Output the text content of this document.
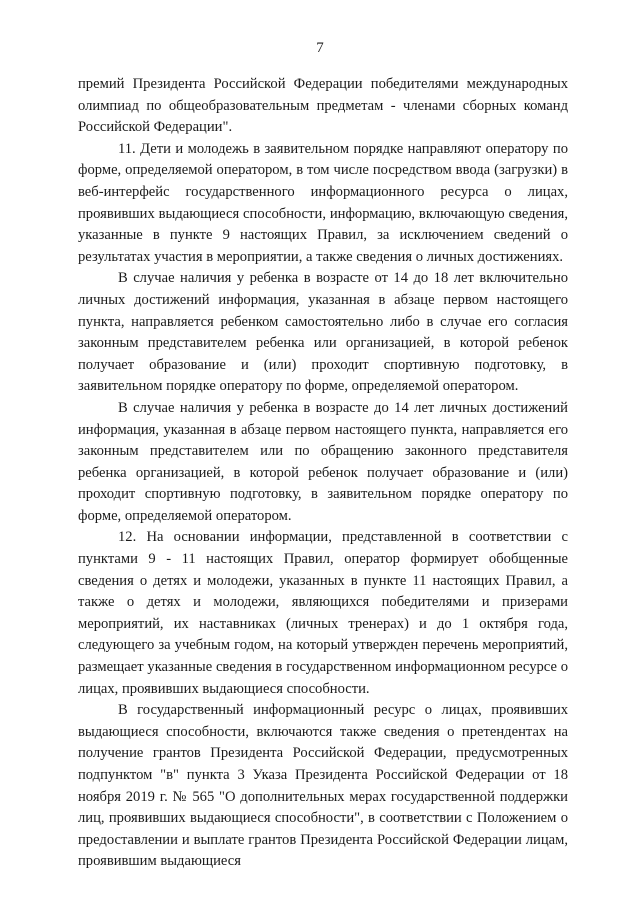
7

премий Президента Российской Федерации победителями международных олимпиад по общеобразовательным предметам - членами сборных команд Российской Федерации".

11. Дети и молодежь в заявительном порядке направляют оператору по форме, определяемой оператором, в том числе посредством ввода (загрузки) в веб-интерфейс государственного информационного ресурса о лицах, проявивших выдающиеся способности, информацию, включающую сведения, указанные в пункте 9 настоящих Правил, за исключением сведений о результатах участия в мероприятии, а также сведения о личных достижениях.

В случае наличия у ребенка в возрасте от 14 до 18 лет включительно личных достижений информация, указанная в абзаце первом настоящего пункта, направляется ребенком самостоятельно либо в случае его согласия законным представителем ребенка или организацией, в которой ребенок получает образование и (или) проходит спортивную подготовку, в заявительном порядке оператору по форме, определяемой оператором.

В случае наличия у ребенка в возрасте до 14 лет личных достижений информация, указанная в абзаце первом настоящего пункта, направляется его законным представителем или по обращению законного представителя ребенка организацией, в которой ребенок получает образование и (или) проходит спортивную подготовку, в заявительном порядке оператору по форме, определяемой оператором.

12. На основании информации, представленной в соответствии с пунктами 9 - 11 настоящих Правил, оператор формирует обобщенные сведения о детях и молодежи, указанных в пункте 11 настоящих Правил, а также о детях и молодежи, являющихся победителями и призерами мероприятий, их наставниках (личных тренерах) и до 1 октября года, следующего за учебным годом, на который утвержден перечень мероприятий, размещает указанные сведения в государственном информационном ресурсе о лицах, проявивших выдающиеся способности.

В государственный информационный ресурс о лицах, проявивших выдающиеся способности, включаются также сведения о претендентах на получение грантов Президента Российской Федерации, предусмотренных подпунктом "в" пункта 3 Указа Президента Российской Федерации от 18 ноября 2019 г. № 565 "О дополнительных мерах государственной поддержки лиц, проявивших выдающиеся способности", в соответствии с Положением о предоставлении и выплате грантов Президента Российской Федерации лицам, проявившим выдающиеся
